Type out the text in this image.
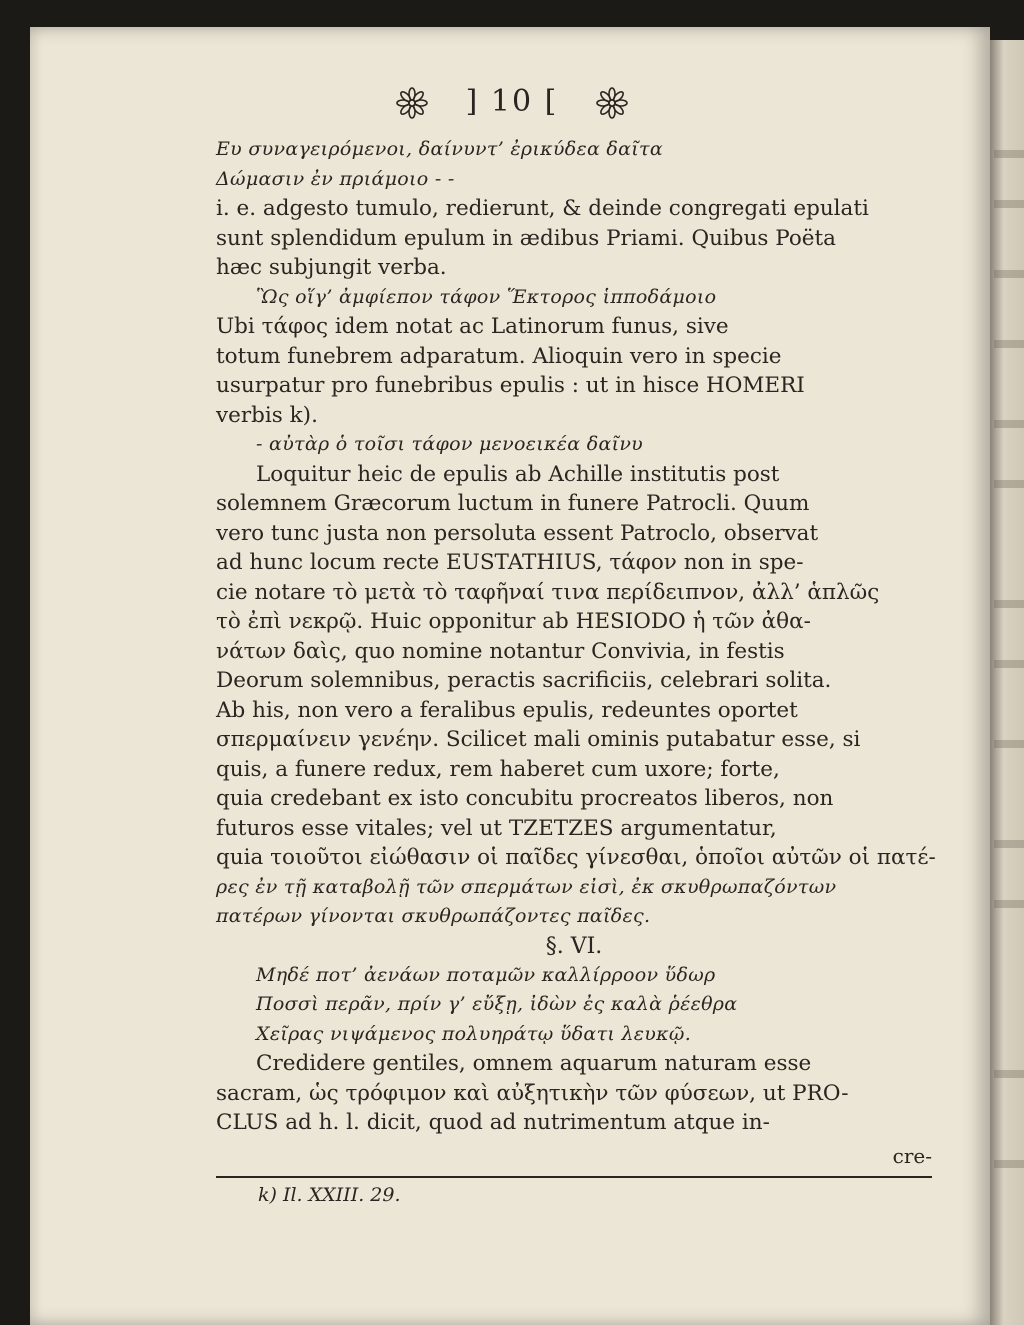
] 10 [
Ευ συναγειρόμενοι, δαίνυντ’ ἐρικύδεα δαῖτα
Δώμασιν ἐν πριάμοιο - -
i. e. adgesto tumulo, redierunt, & deinde congregati epulati
sunt splendidum epulum in ædibus Priami. Quibus Poëta
hæc subjungit verba.
Ὣς οἵγ’ ἀμφίεπον τάφον Ἕκτορος ἱπποδάμοιο
Ubi τάφος idem notat ac Latinorum funus, sive
totum funebrem adparatum. Alioquin vero in specie
usurpatur pro funebribus epulis : ut in hisce HOMERI
verbis k).
- αὐτὰρ ὁ τοῖσι τάφον μενοεικέα δαῖνυ
Loquitur heic de epulis ab Achille institutis post
solemnem Græcorum luctum in funere Patrocli. Quum
vero tunc justa non persoluta essent Patroclo, observat
ad hunc locum recte EUSTATHIUS, τάφον non in spe-
cie notare τὸ μετὰ τὸ ταφῆναί τινα περίδειπνον, ἀλλ’ ἁπλῶς
τὸ ἐπὶ νεκρῷ. Huic opponitur ab HESIODO ἡ τῶν ἀθα-
νάτων δαὶς, quo nomine notantur Convivia, in festis
Deorum solemnibus, peractis sacrificiis, celebrari solita.
Ab his, non vero a feralibus epulis, redeuntes oportet
σπερμαίνειν γενέην. Scilicet mali ominis putabatur esse, si
quis, a funere redux, rem haberet cum uxore; forte,
quia credebant ex isto concubitu procreatos liberos, non
futuros esse vitales; vel ut TZETZES argumentatur,
quia τοιοῦτοι εἰώθασιν οἱ παῖδες γίνεσθαι, ὁποῖοι αὐτῶν οἱ πατέ-
ρες ἐν τῇ καταβολῇ τῶν σπερμάτων εἰσὶ, ἐκ σκυθρωπαζόντων
πατέρων γίνονται σκυθρωπάζοντες παῖδες.
§. VI.
Μηδέ ποτ’ ἀενάων ποταμῶν καλλίρροον ὕδωρ
Ποσσὶ περᾶν, πρίν γ’ εὔξῃ, ἰδὼν ἐς καλὰ ῥέεθρα
Χεῖρας νιψάμενος πολυηράτῳ ὕδατι λευκῷ.
Credidere gentiles, omnem aquarum naturam esse
sacram, ὡς τρόφιμον καὶ αὐξητικὴν τῶν φύσεων, ut PRO-
CLUS ad h. l. dicit, quod ad nutrimentum atque in-
cre-
k) Il. XXIII. 29.
